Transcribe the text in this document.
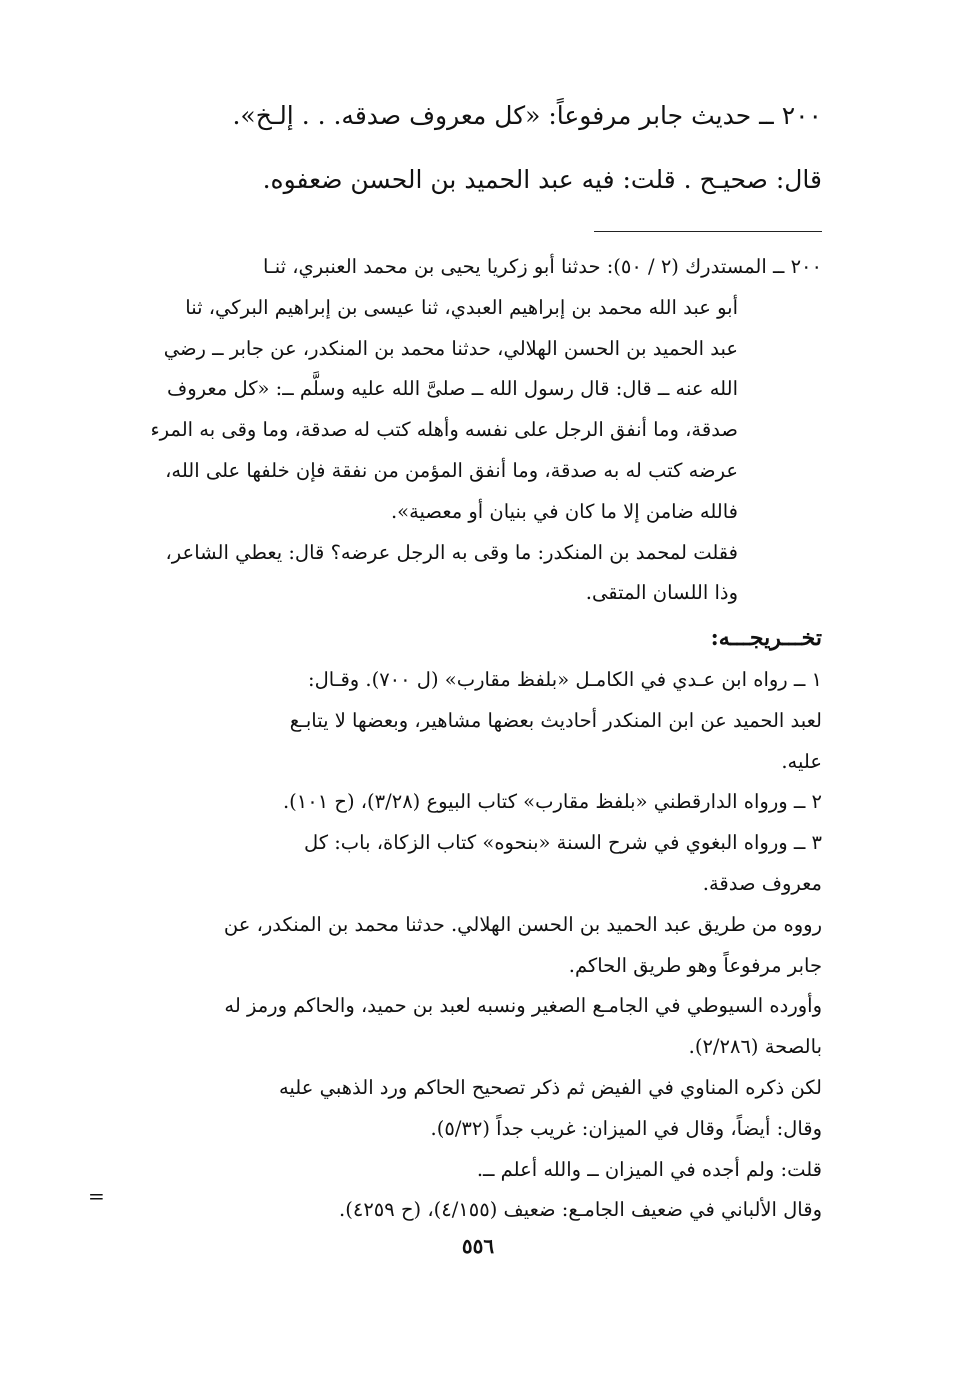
٢٠٠ ــ حديث جابر مرفوعاً: «كل معروف صدقه. . . إلـخ».
قال: صحيـح . قلت: فيه عبد الحميد بن الحسن ضعفوه.
٢٠٠ ــ المستدرك (٢ / ٥٠): حدثنا أبو زكريا يحيى بن محمد العنبري، ثنـا
أبو عبد الله محمد بن إبراهيم العبدي، ثنا عيسى بن إبراهيم البركي، ثنا
عبد الحميد بن الحسن الهلالي، حدثنا محمد بن المنكدر، عن جابر ــ رضي
الله عنه ــ قال: قال رسول الله ــ صلىَّ الله عليه وسلَّم ــ: «كل معروف
صدقة، وما أنفق الرجل على نفسه وأهله كتب له صدقة، وما وقى به المرء
عرضه كتب له به صدقة، وما أنفق المؤمن من نفقة فإن خلفها على الله،
فالله ضامن إلا ما كان في بنيان أو معصية».
فقلت لمحمد بن المنكدر: ما وقى به الرجل عرضه؟ قال: يعطي الشاعر،
وذا اللسان المتقى.
تخـــريجـــه:
١ ــ رواه ابن عـدي في الكامـل «بلفظ مقارب» (ل ٧٠٠). وقـال:
لعبد الحميد عن ابن المنكدر أحاديث بعضها مشاهير، وبعضها لا يتابـع
عليه.
٢ ــ ورواه الدارقطني «بلفظ مقارب» كتاب البيوع (٣/٢٨)، (ح ١٠١).
٣ ــ ورواه البغوي في شرح السنة «بنحوه» كتاب الزكاة، باب: كل
معروف صدقة.
رووه من طريق عبد الحميد بن الحسن الهلالي. حدثنا محمد بن المنكدر، عن
جابر مرفوعاً وهو طريق الحاكم.
وأورده السيوطي في الجامـع الصغير ونسبه لعبد بن حميد، والحاكم ورمز له
بالصحة (٢/٢٨٦).
لكن ذكره المناوي في الفيض ثم ذكر تصحيح الحاكم ورد الذهبي عليه
وقال: أيضاً، وقال في الميزان: غريب جداً (٥/٣٢).
قلت: ولم أجده في الميزان ــ والله أعلم ــ.
وقال الألباني في ضعيف الجامـع: ضعيف (٤/١٥٥)، (ح ٤٢٥٩).
=
٥٥٦
